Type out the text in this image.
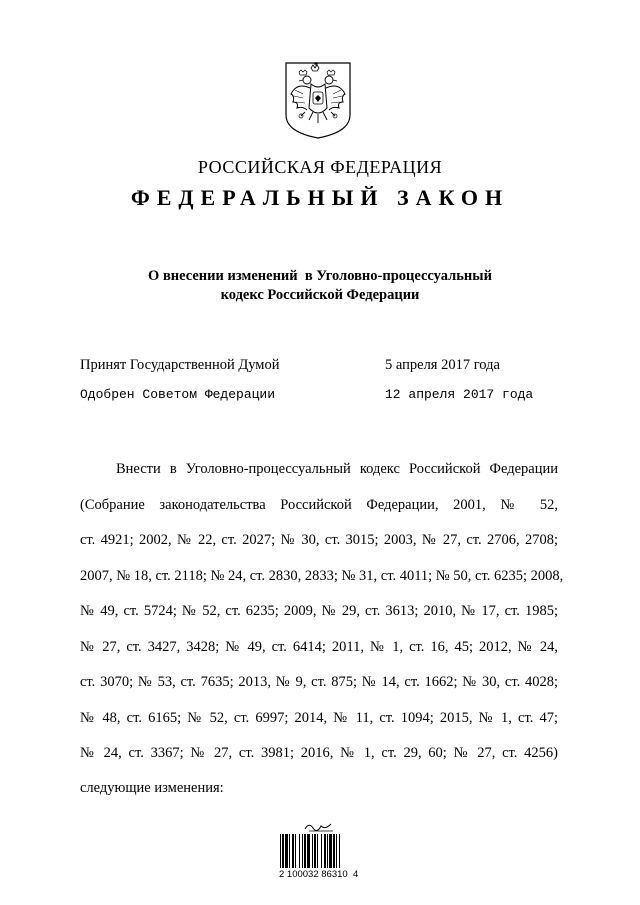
РОССИЙСКАЯ ФЕДЕРАЦИЯ
ФЕДЕРАЛЬНЫЙ ЗАКОН
О внесении изменений  в Уголовно-процессуальный
кодекс Российской Федерации
Принят Государственной Думой	5 апреля 2017 года
Одобрен Советом Федерации	12 апреля 2017 года
Внести в Уголовно-процессуальный кодекс Российской Федерации
(Собрание законодательства Российской Федерации, 2001, № 52,
ст. 4921; 2002, № 22, ст. 2027; № 30, ст. 3015; 2003, № 27, ст. 2706, 2708;
2007, № 18, ст. 2118; № 24, ст. 2830, 2833; № 31, ст. 4011; № 50, ст. 6235; 2008,
№ 49, ст. 5724; № 52, ст. 6235; 2009, № 29, ст. 3613; 2010, № 17, ст. 1985;
№ 27, ст. 3427, 3428; № 49, ст. 6414; 2011, № 1, ст. 16, 45; 2012, № 24,
ст. 3070; № 53, ст. 7635; 2013, № 9, ст. 875; № 14, ст. 1662; № 30, ст. 4028;
№ 48, ст. 6165; № 52, ст. 6997; 2014, № 11, ст. 1094; 2015, № 1, ст. 47;
№ 24, ст. 3367; № 27, ст. 3981; 2016, № 1, ст. 29, 60; № 27, ст. 4256)
следующие изменения:
2 100032 86310  4
